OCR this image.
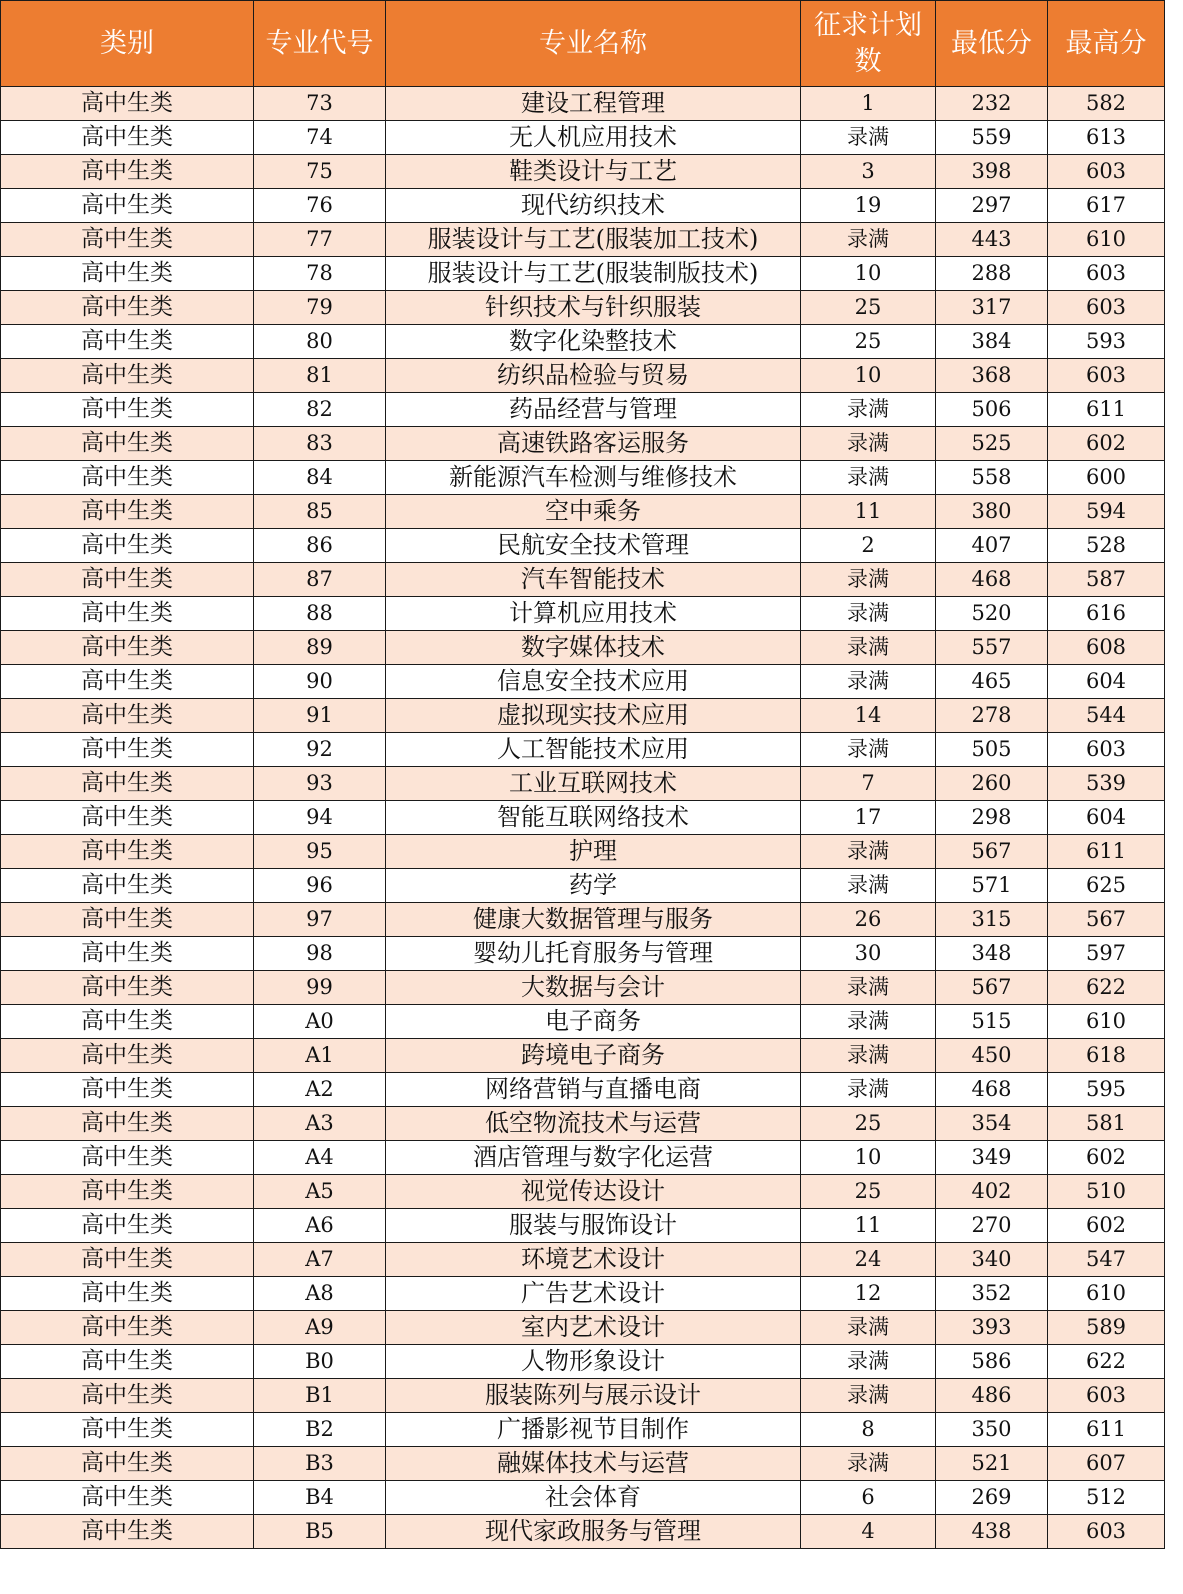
类别	专业代号	专业名称	征求计划数	最低分	最高分
高中生类	73	建设工程管理	1	232	582
高中生类	74	无人机应用技术	录满	559	613
高中生类	75	鞋类设计与工艺	3	398	603
高中生类	76	现代纺织技术	19	297	617
高中生类	77	服装设计与工艺(服装加工技术)	录满	443	610
高中生类	78	服装设计与工艺(服装制版技术)	10	288	603
高中生类	79	针织技术与针织服装	25	317	603
高中生类	80	数字化染整技术	25	384	593
高中生类	81	纺织品检验与贸易	10	368	603
高中生类	82	药品经营与管理	录满	506	611
高中生类	83	高速铁路客运服务	录满	525	602
高中生类	84	新能源汽车检测与维修技术	录满	558	600
高中生类	85	空中乘务	11	380	594
高中生类	86	民航安全技术管理	2	407	528
高中生类	87	汽车智能技术	录满	468	587
高中生类	88	计算机应用技术	录满	520	616
高中生类	89	数字媒体技术	录满	557	608
高中生类	90	信息安全技术应用	录满	465	604
高中生类	91	虚拟现实技术应用	14	278	544
高中生类	92	人工智能技术应用	录满	505	603
高中生类	93	工业互联网技术	7	260	539
高中生类	94	智能互联网络技术	17	298	604
高中生类	95	护理	录满	567	611
高中生类	96	药学	录满	571	625
高中生类	97	健康大数据管理与服务	26	315	567
高中生类	98	婴幼儿托育服务与管理	30	348	597
高中生类	99	大数据与会计	录满	567	622
高中生类	A0	电子商务	录满	515	610
高中生类	A1	跨境电子商务	录满	450	618
高中生类	A2	网络营销与直播电商	录满	468	595
高中生类	A3	低空物流技术与运营	25	354	581
高中生类	A4	酒店管理与数字化运营	10	349	602
高中生类	A5	视觉传达设计	25	402	510
高中生类	A6	服装与服饰设计	11	270	602
高中生类	A7	环境艺术设计	24	340	547
高中生类	A8	广告艺术设计	12	352	610
高中生类	A9	室内艺术设计	录满	393	589
高中生类	B0	人物形象设计	录满	586	622
高中生类	B1	服装陈列与展示设计	录满	486	603
高中生类	B2	广播影视节目制作	8	350	611
高中生类	B3	融媒体技术与运营	录满	521	607
高中生类	B4	社会体育	6	269	512
高中生类	B5	现代家政服务与管理	4	438	603
